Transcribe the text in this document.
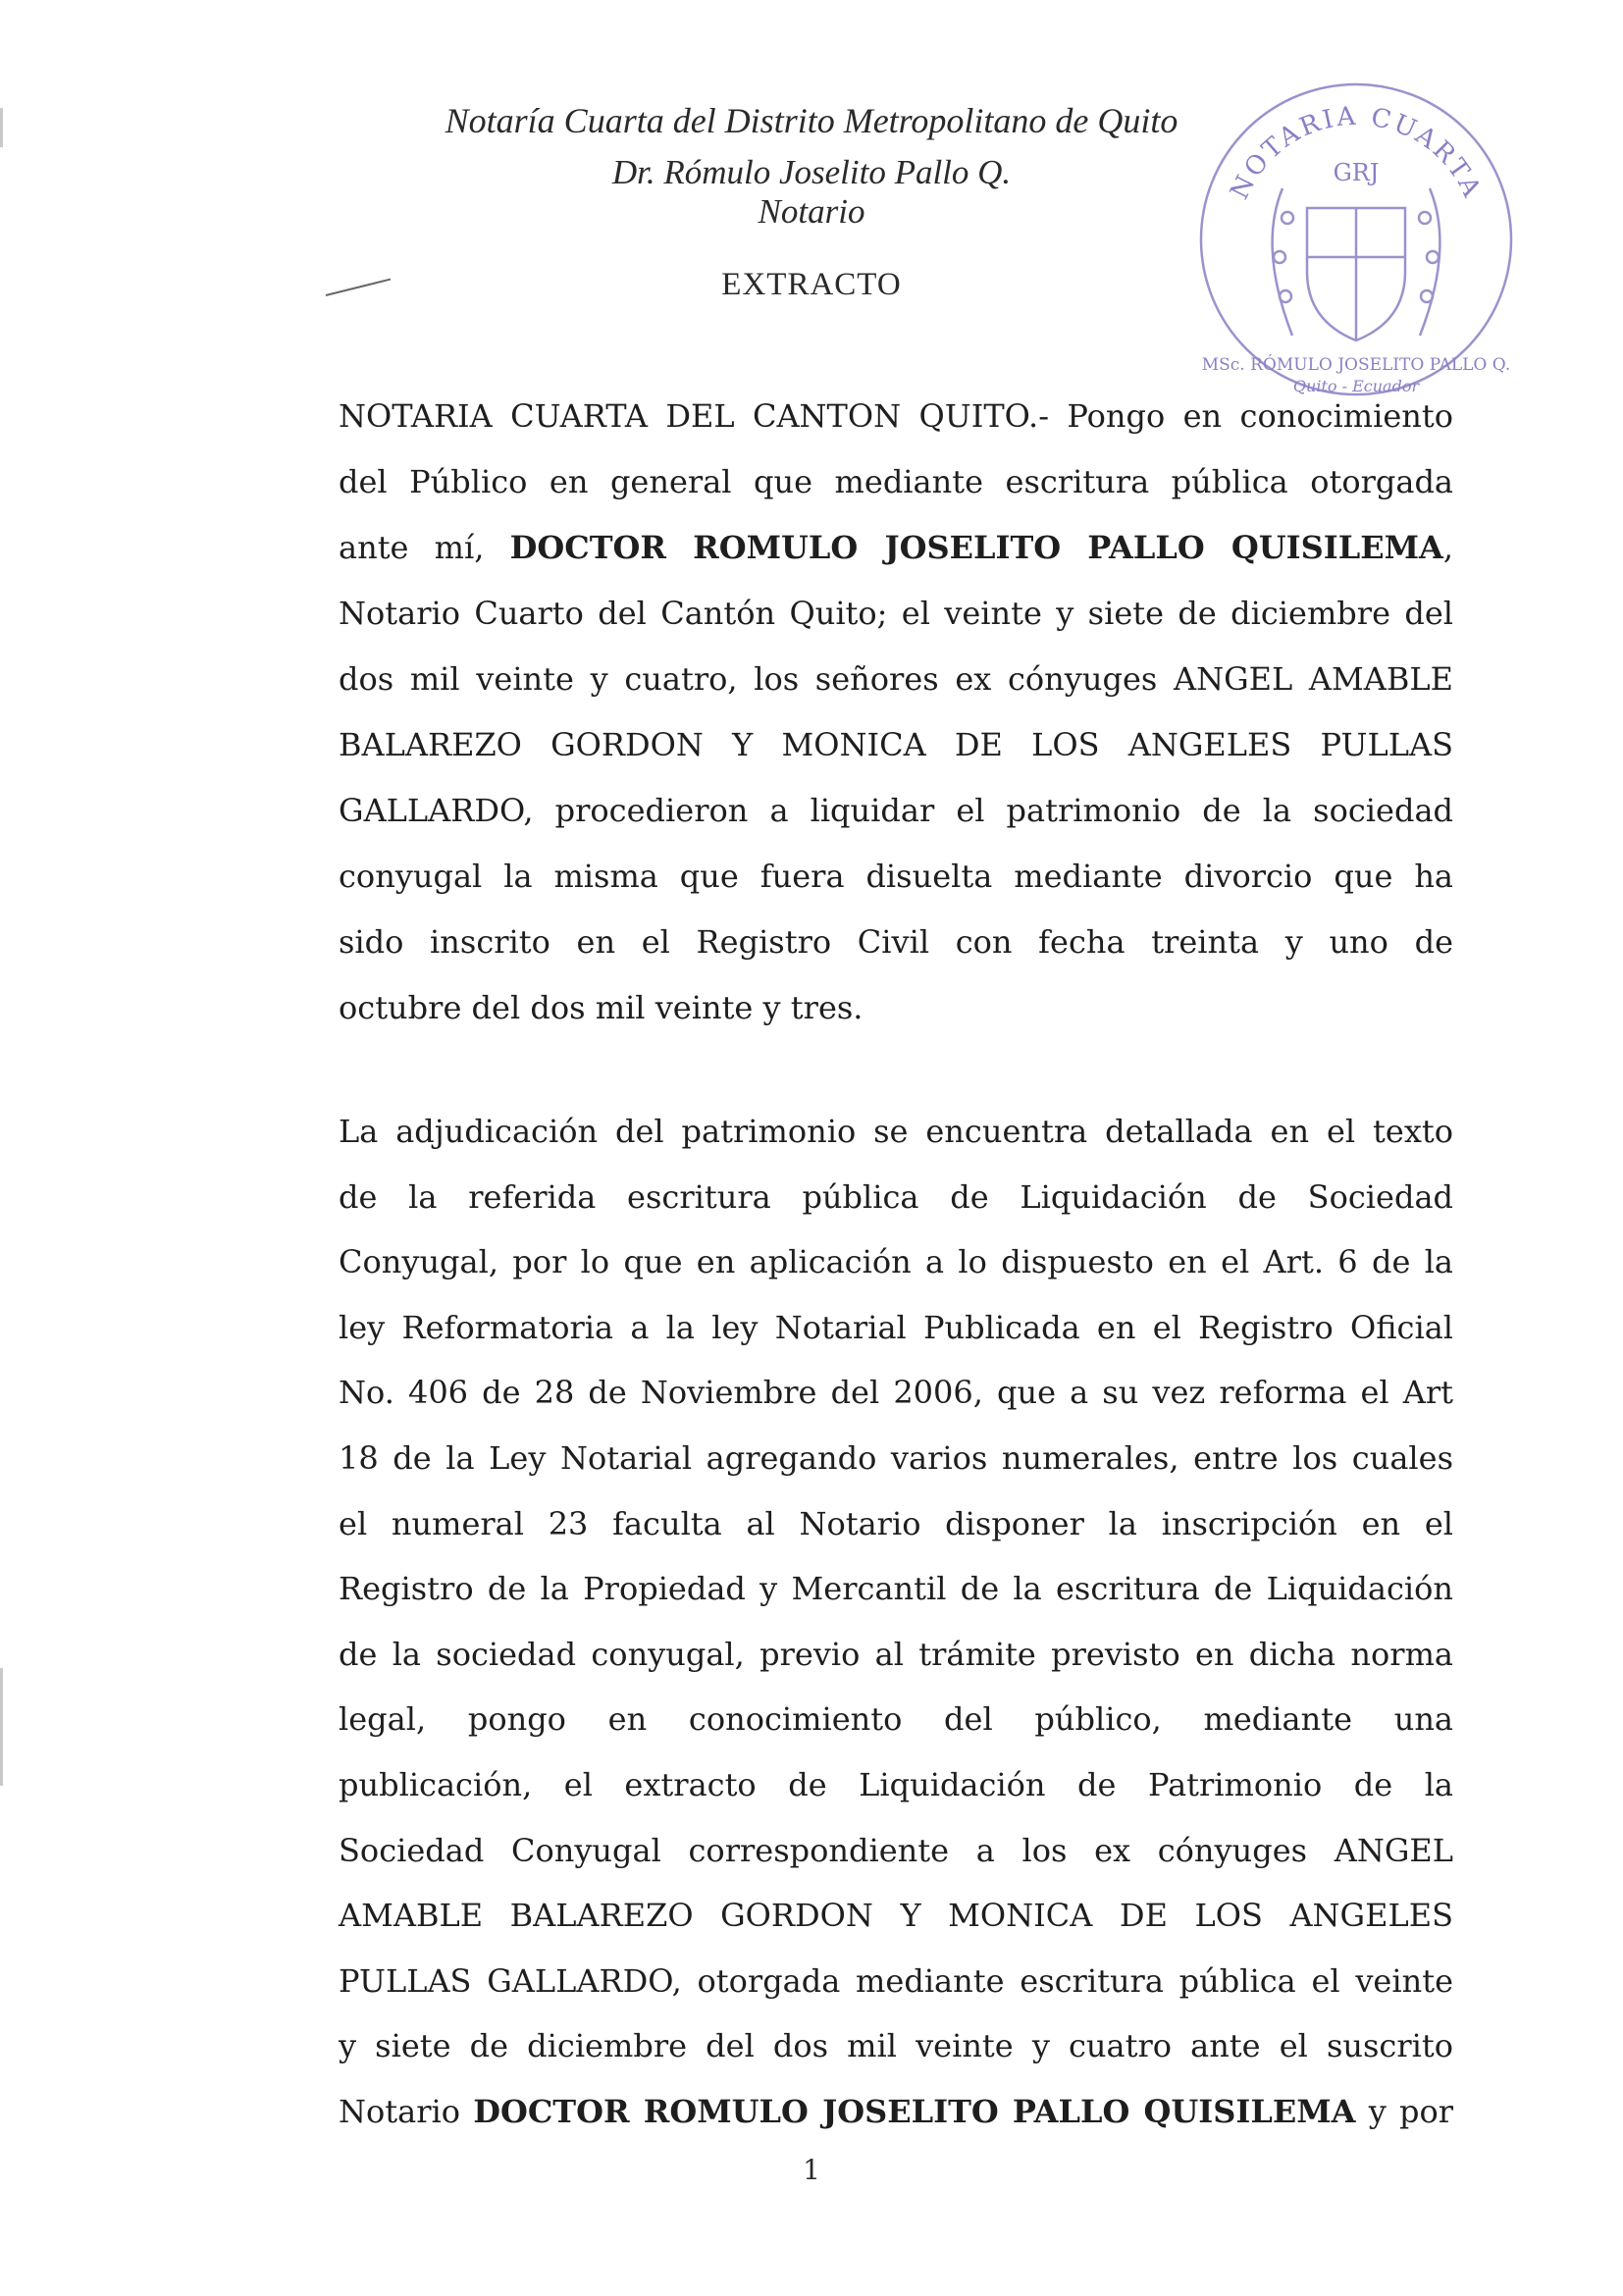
Notaría Cuarta del Distrito Metropolitano de Quito
Dr. Rómulo Joselito Pallo Q.
Notario
EXTRACTO
NOTARIA CUARTA
GRJ
MSc. RÓMULO JOSELITO PALLO Q.
Quito - Ecuador
NOTARIA CUARTA DEL CANTON QUITO.- Pongo en conocimiento
del Público en general que mediante escritura pública otorgada
ante mí, DOCTOR ROMULO JOSELITO PALLO QUISILEMA,
Notario Cuarto del Cantón Quito; el veinte y siete de diciembre del
dos mil veinte y cuatro, los señores ex cónyuges ANGEL AMABLE
BALAREZO GORDON Y MONICA DE LOS ANGELES PULLAS
GALLARDO, procedieron a liquidar el patrimonio de la sociedad
conyugal la misma que fuera disuelta mediante divorcio que ha
sido inscrito en el Registro Civil con fecha treinta y uno de
octubre del dos mil veinte y tres.
La adjudicación del patrimonio se encuentra detallada en el texto
de la referida escritura pública de Liquidación de Sociedad
Conyugal, por lo que en aplicación a lo dispuesto en el Art. 6 de la
ley Reformatoria a la ley Notarial Publicada en el Registro Oficial
No. 406 de 28 de Noviembre del 2006, que a su vez reforma el Art
18 de la Ley Notarial agregando varios numerales, entre los cuales
el numeral 23 faculta al Notario disponer la inscripción en el
Registro de la Propiedad y Mercantil de la escritura de Liquidación
de la sociedad conyugal, previo al trámite previsto en dicha norma
legal, pongo en conocimiento del público, mediante una
publicación, el extracto de Liquidación de Patrimonio de la
Sociedad Conyugal correspondiente a los ex cónyuges ANGEL
AMABLE BALAREZO GORDON Y MONICA DE LOS ANGELES
PULLAS GALLARDO, otorgada mediante escritura pública el veinte
y siete de diciembre del dos mil veinte y cuatro ante el suscrito
Notario DOCTOR ROMULO JOSELITO PALLO QUISILEMA y por
1
